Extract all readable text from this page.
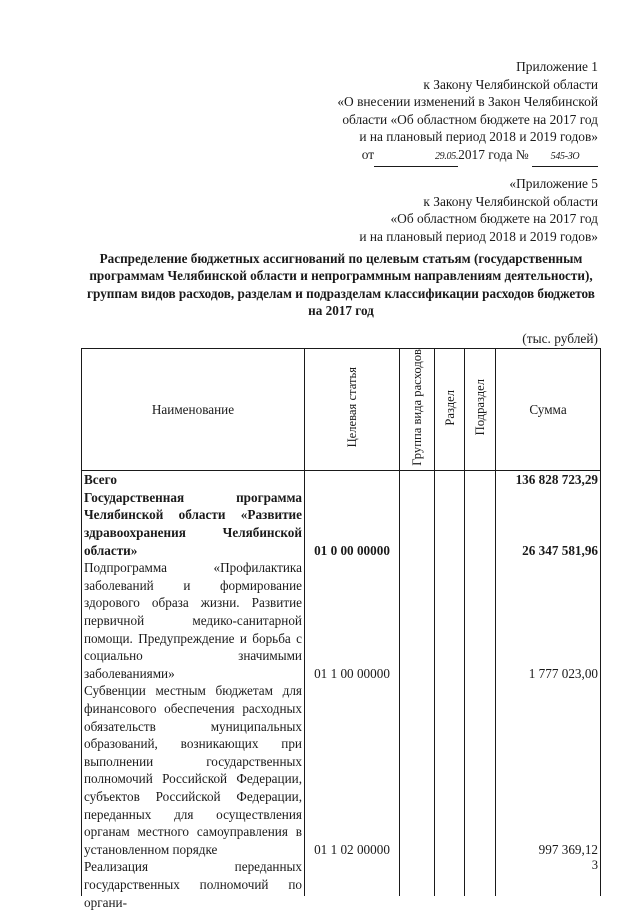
Приложение 1
к Закону Челябинской области
«О внесении изменений в Закон Челябинской
области «Об областном бюджете на 2017 год
и на плановый период 2018 и 2019 годов»
от	29.05.2017 года № 545-ЗО
«Приложение 5
к Закону Челябинской области
«Об областном бюджете на 2017 год
и на плановый период 2018 и 2019 годов»
Распределение бюджетных ассигнований по целевым статьям (государственным программам Челябинской области и непрограммным направлениям деятельности), группам видов расходов, разделам и подразделам классификации расходов бюджетов на 2017 год
(тыс. рублей)
Наименование	Целевая статья	Группа вида расходов	Раздел	Подраздел	Сумма
Всего					136 828 723,29
Государственная программа Челябинской области «Развитие здравоохранения Челябинской области»	01 0 00 00000				26 347 581,96
Подпрограмма «Профилактика заболеваний и формирование здорового образа жизни. Развитие первичной медико-санитарной помощи. Предупреждение и борьба с социально значимыми заболеваниями»	01 1 00 00000				1 777 023,00
Субвенции местным бюджетам для финансового обеспечения расходных обязательств муниципальных образований, возникающих при выполнении государственных полномочий Российской Федерации, субъектов Российской Федерации, переданных для осуществления органам местного самоуправления в установленном порядке	01 1 02 00000				997 369,12

Реализация переданных государственных полномочий по органи-					

3
